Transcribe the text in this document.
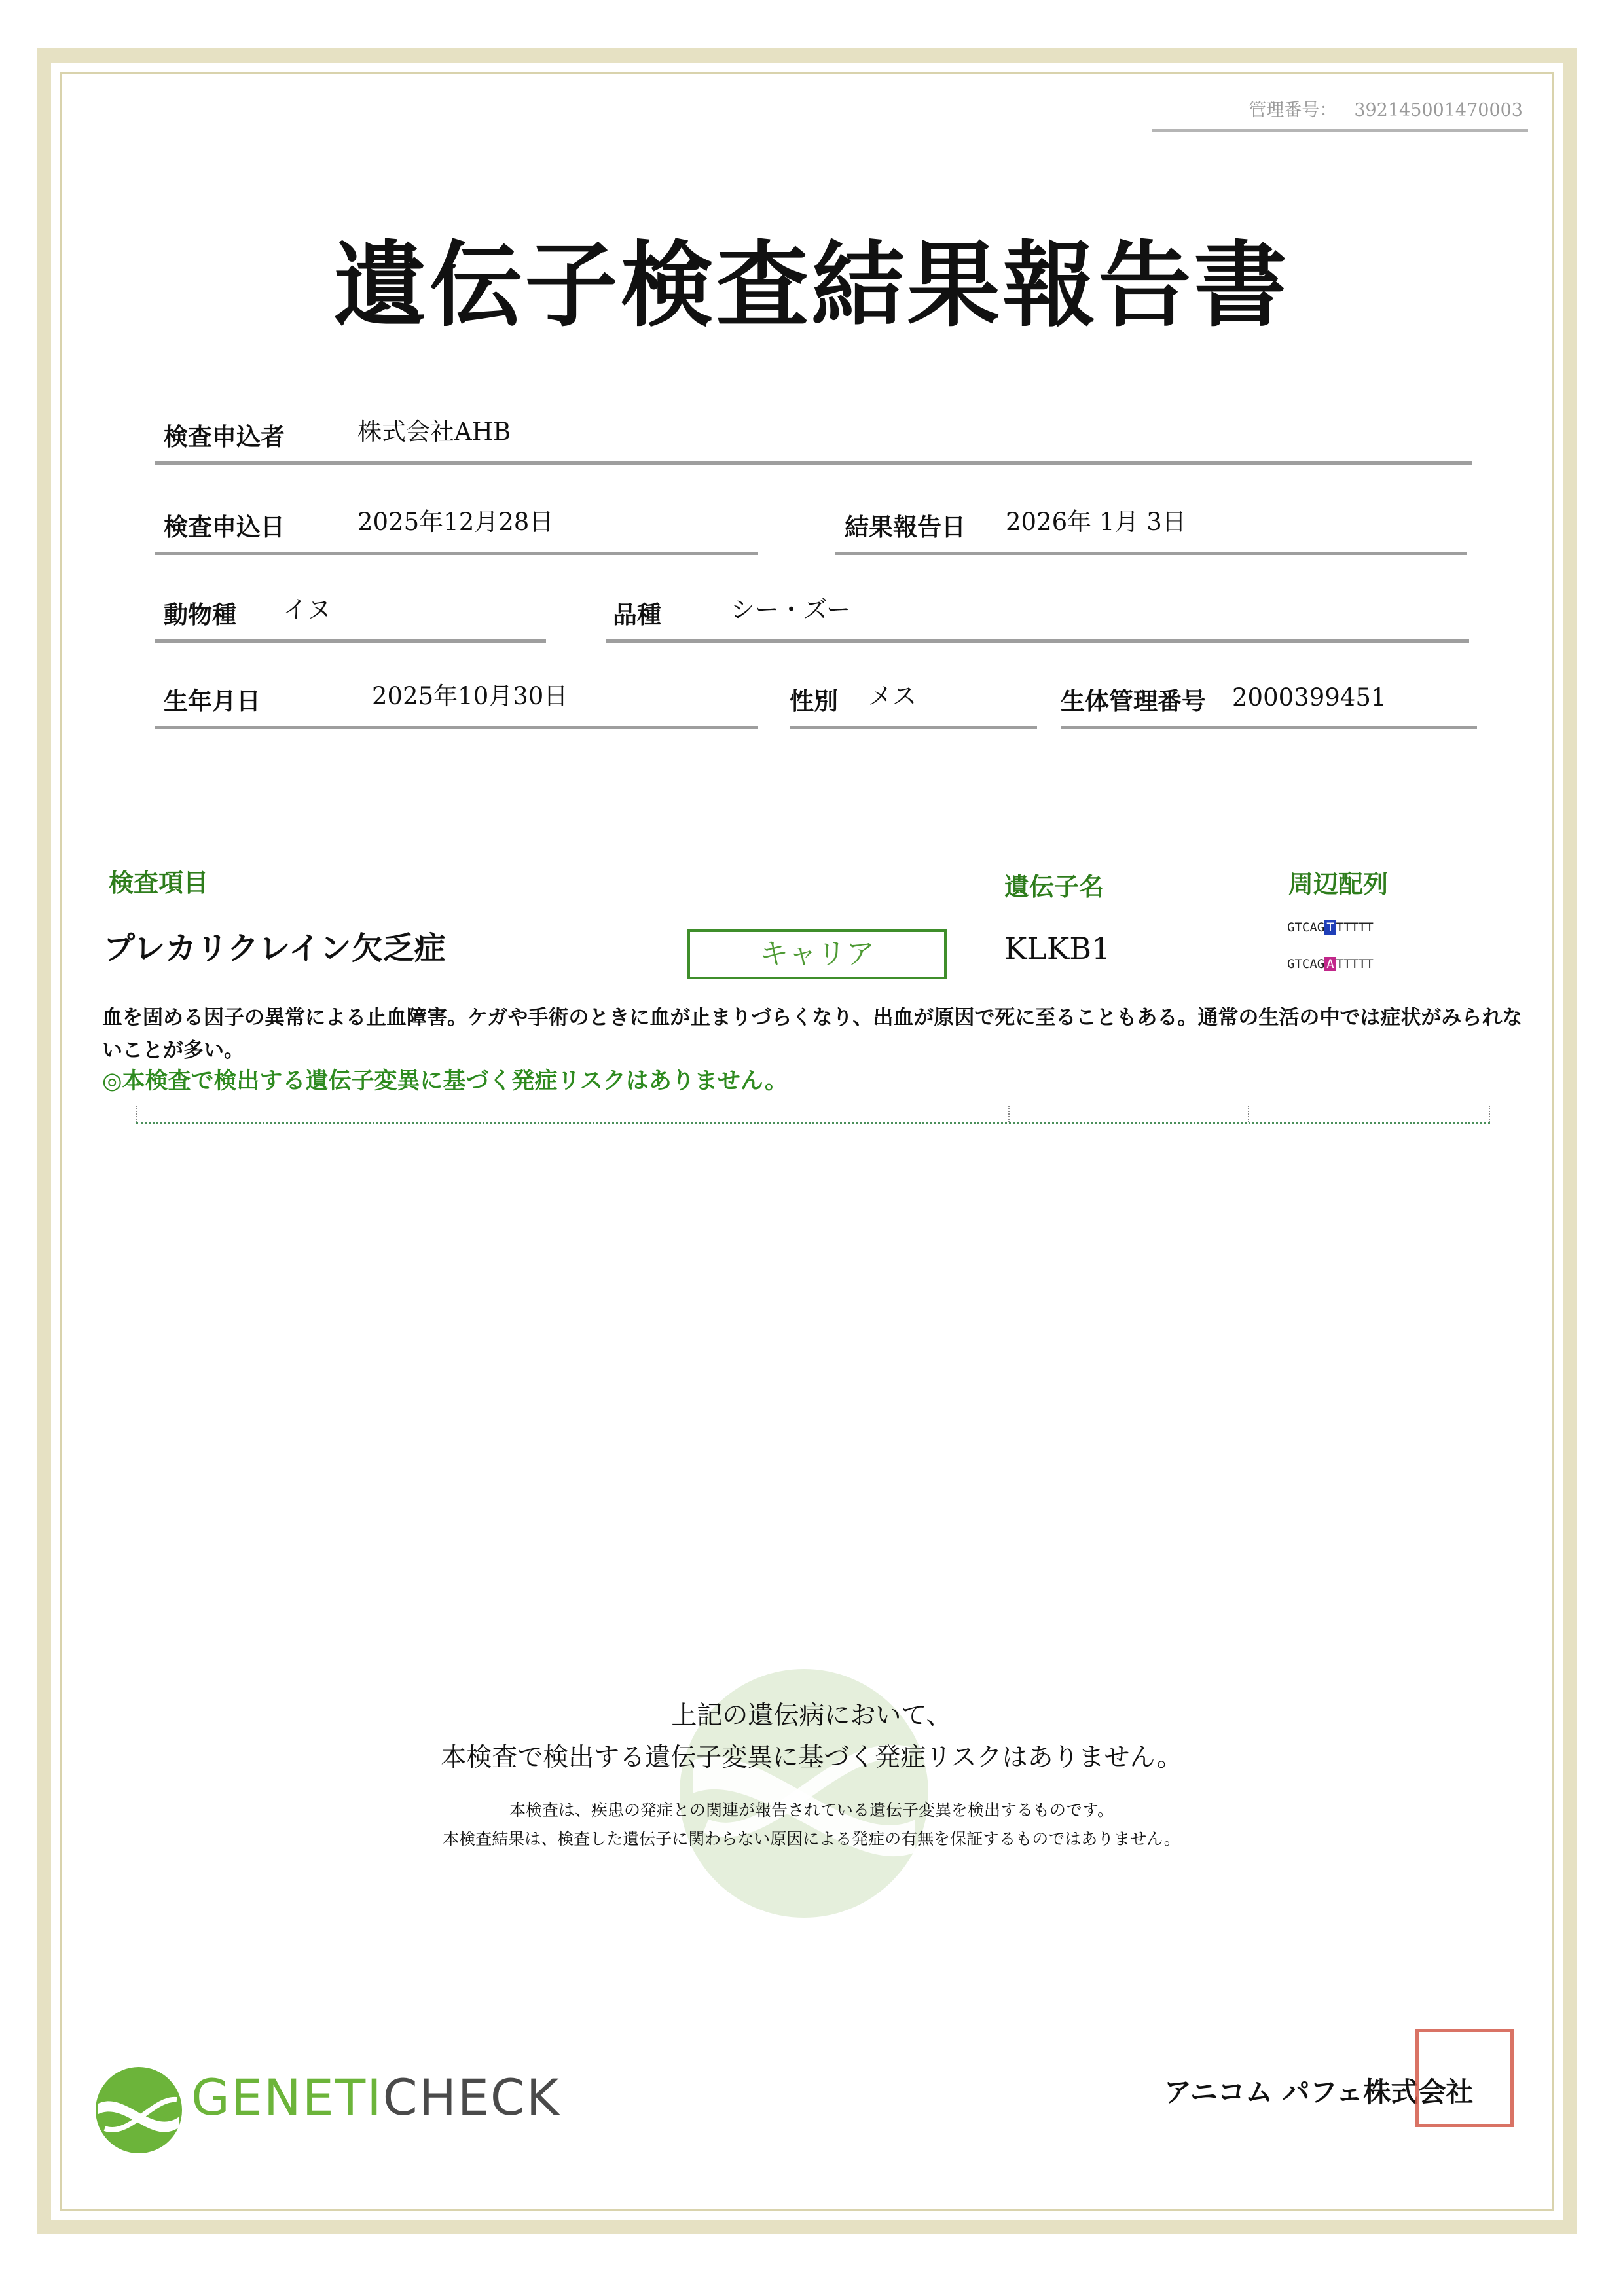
管理番号： 392145001470003
遺伝子検査結果報告書
検査申込者	株式会社AHB
検査申込日	2025年12月28日	結果報告日 2026年 1月 3日
動物種 イヌ	品種	シー・ズー
生年月日	2025年10月30日	性別 メス	生体管理番号 2000399451
検査項目	遺伝子名	周辺配列
プレカリクレイン欠乏症	キャリア	KLKB1
GTCAG T TTTTT
GTCAG A TTTTT
血を固める因子の異常による止血障害。ケガや手術のときに血が止まりづらくなり、出血が原因で死に至ることもある。通常の生活の中では症状がみられないことが多い。
◎本検査で検出する遺伝子変異に基づく発症リスクはありません。
上記の遺伝病において、
本検査で検出する遺伝子変異に基づく発症リスクはありません。
本検査は、疾患の発症との関連が報告されている遺伝子変異を検出するものです。
本検査結果は、検査した遺伝子に関わらない原因による発症の有無を保証するものではありません。
GENETICHECK	アニコム パフェ株式会社
